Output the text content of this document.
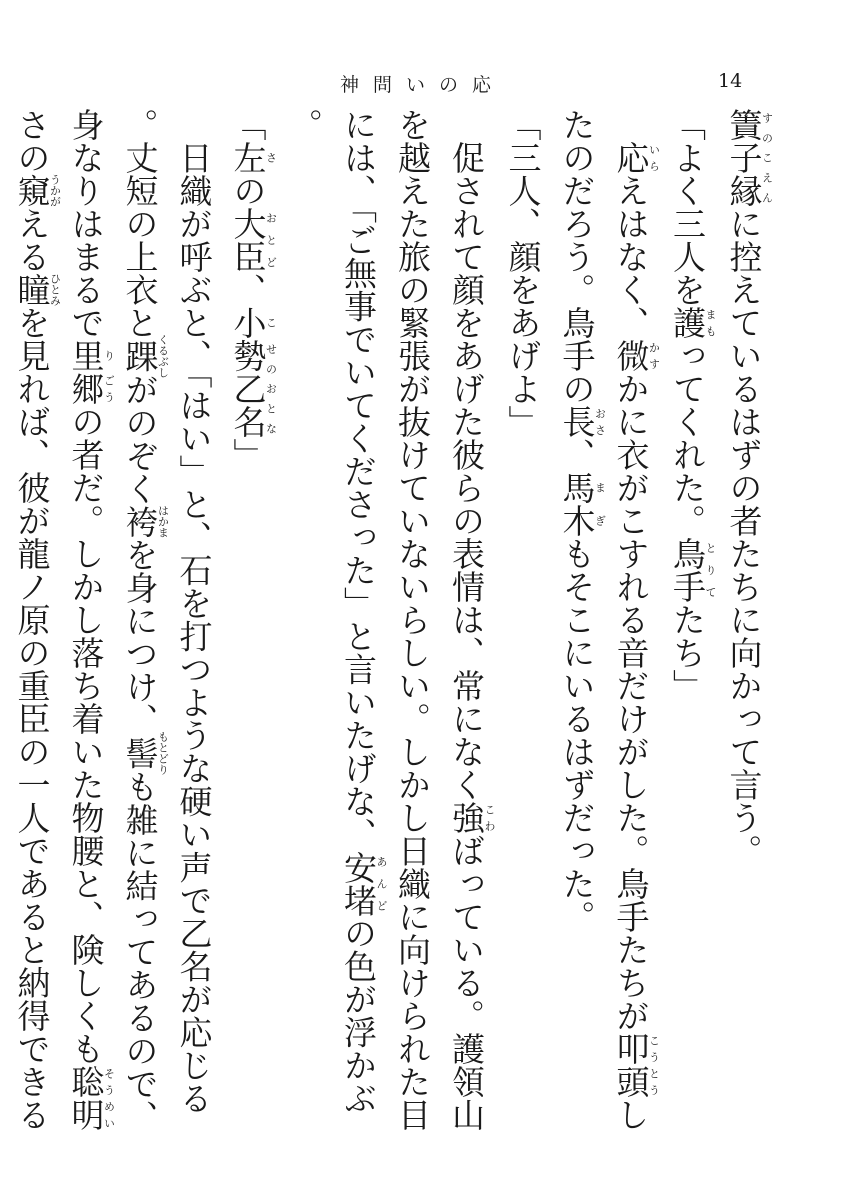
神問いの応	14

簀子縁すのこえんに控えているはずの者たちに向かって言う。

「よく三人を護まもってくれた。鳥手とりてたち」

応いらえはなく、微かすかに衣がこすれる音だけがした。鳥手たちが叩頭こうとうしたのだろう。鳥手の長おさ、馬木まぎもそこにいるはずだった。

「三人、顔をあげよ」

促されて顔をあげた彼らの表情は、常になく強こわばっている。護領山を越えた旅の緊張が抜けていないらしい。しかし日織に向けられた目には、「ご無事でいてくださった」と言いたげな、安堵あんどの色が浮かぶ。

「左さの大臣おとど、小こ勢乙名せのおとな」

日織が呼ぶと、「はい」と、石を打つような硬い声で乙名が応じる。丈短の上衣と踝くるぶしがのぞく袴はかまを身につけ、髻もとどりも雑に結ってあるので、身なりはまるで里り郷ごうの者だ。しかし落ち着いた物腰と、険しくも聡明そうめいさの窺うかがえる瞳ひとみを見れば、彼が龍ノ原の重臣の一人であると納得できる
